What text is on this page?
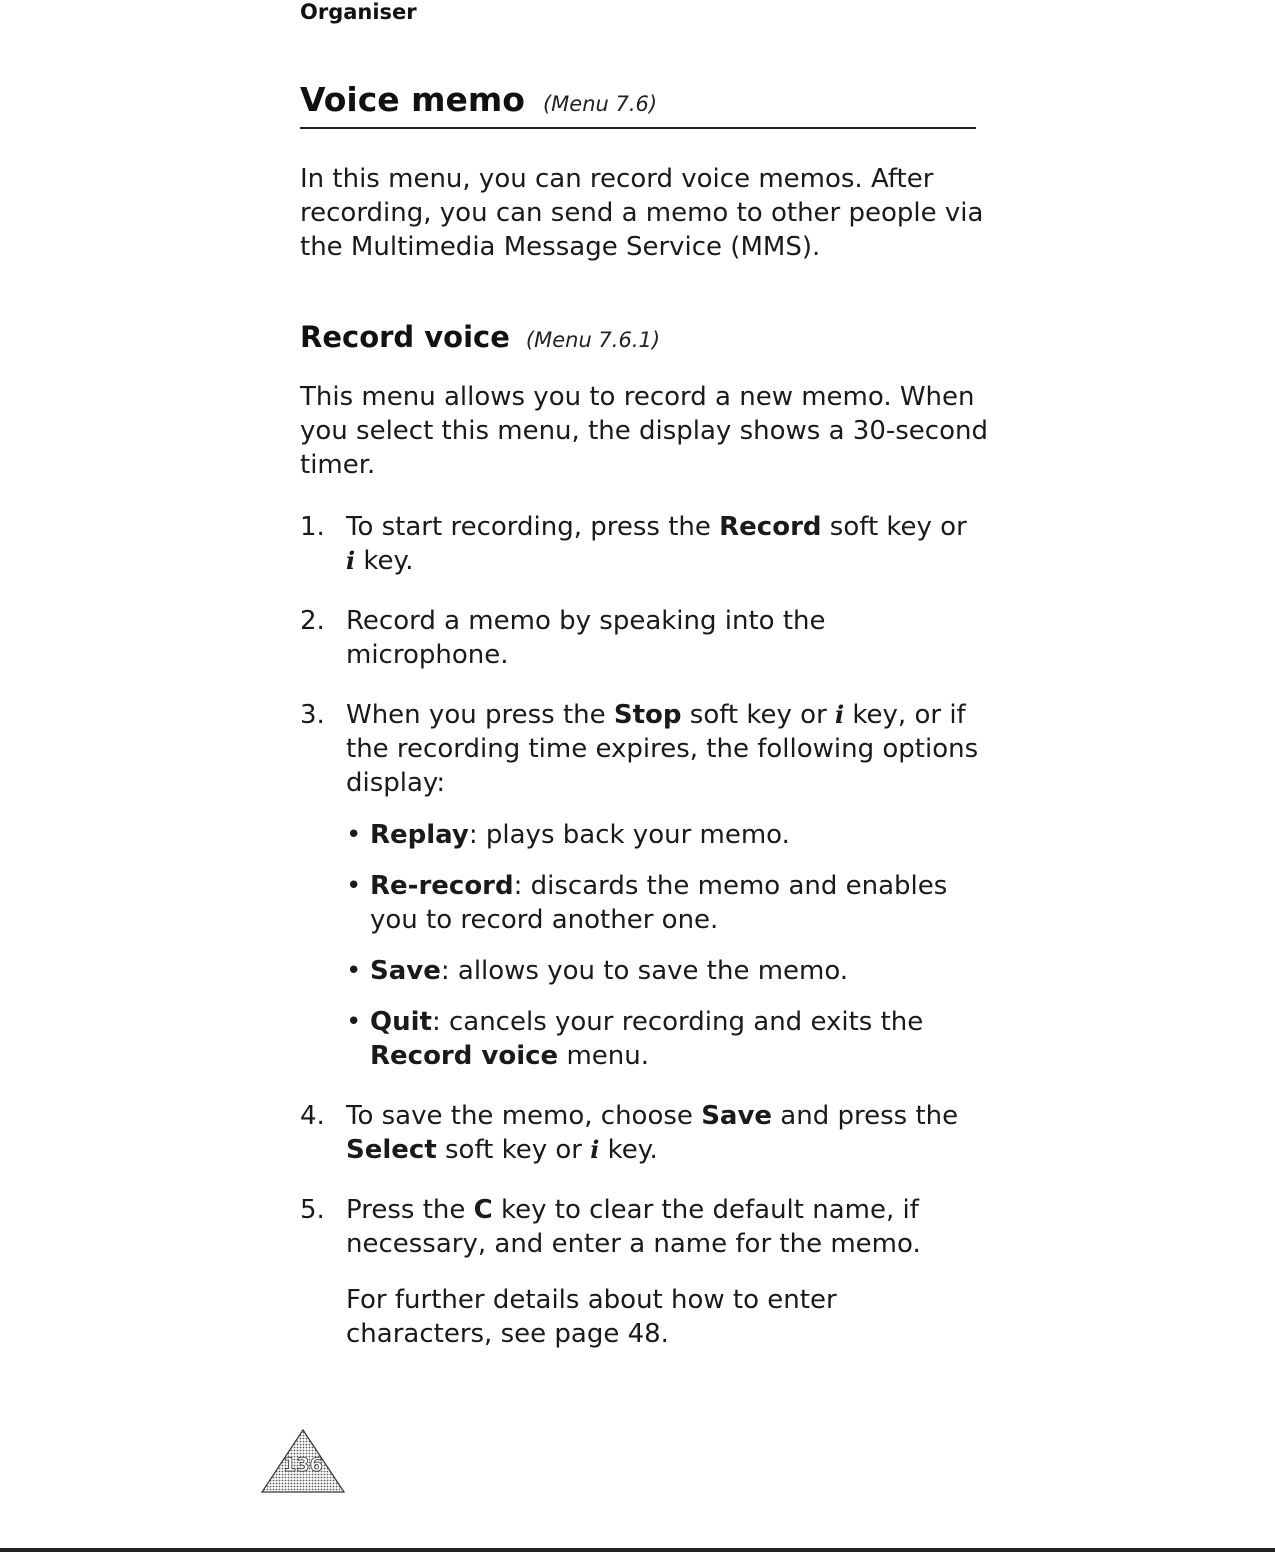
Organiser
Voice memo (Menu 7.6)

In this menu, you can record voice memos. After recording, you can send a memo to other people via the Multimedia Message Service (MMS).

Record voice (Menu 7.6.1)

This menu allows you to record a new memo. When you select this menu, the display shows a 30-second timer.

1. To start recording, press the Record soft key or
i key.
2. Record a memo by speaking into the microphone.
3. When you press the Stop soft key or i key, or if the recording time expires, the following options display:
• Replay: plays back your memo.
• Re-record: discards the memo and enables you to record another one.
• Save: allows you to save the memo.
• Quit: cancels your recording and exits the Record voice menu.
4. To save the memo, choose Save and press the
Select soft key or i key.
5. Press the C key to clear the default name, if necessary, and enter a name for the memo.

For further details about how to enter characters, see page 48.

136
